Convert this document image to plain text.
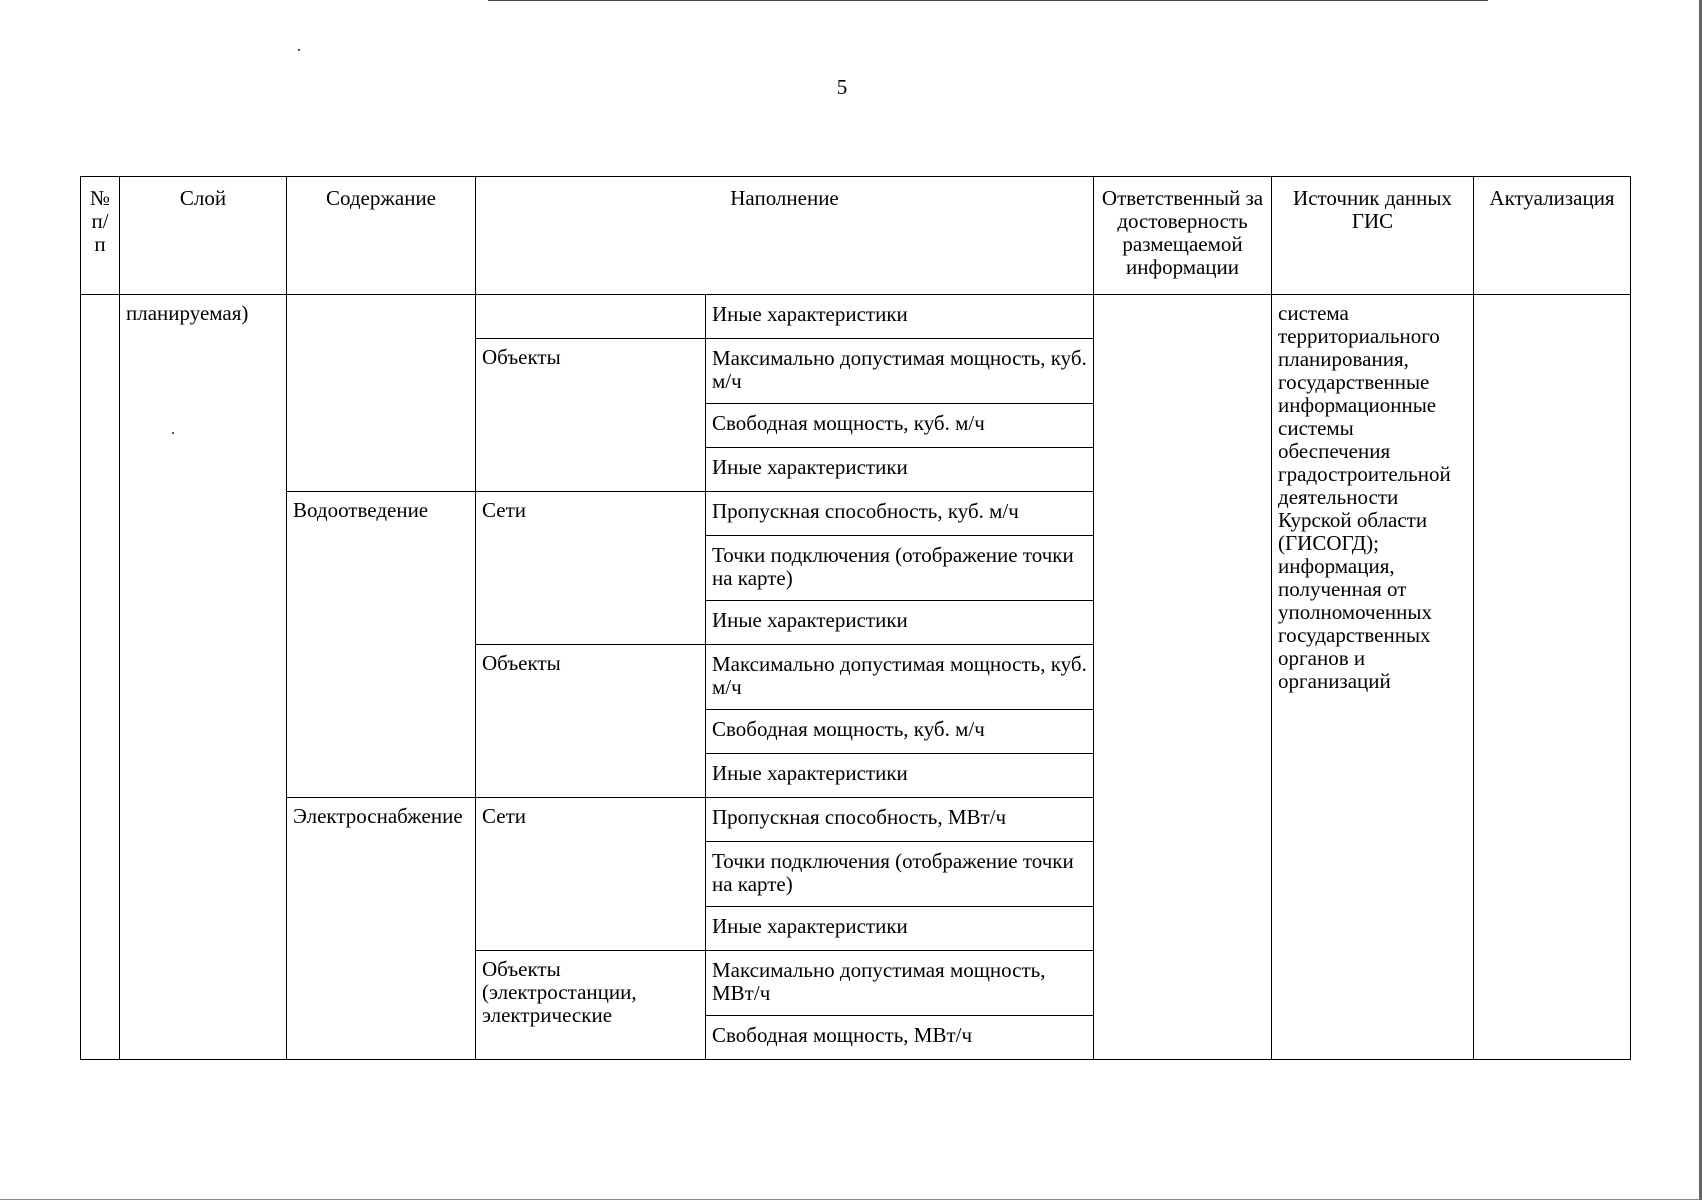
5
№ п/ п	Слой	Содержание	Наполнение		Ответственный за достоверность размещаемой информации	Источник данных ГИС	Актуализация
	планируемая)			Иные характеристики		система территориального планирования, государственные информационные системы обеспечения градостроительной деятельности Курской области (ГИСОГД); информация, полученная от уполномоченных государственных органов и организаций	
			Объекты	Максимально допустимая мощность, куб. м/ч			
				Свободная мощность, куб. м/ч			
				Иные характеристики			
		Водоотведение	Сети	Пропускная способность, куб. м/ч			
				Точки подключения (отображение точки на карте)			
				Иные характеристики			
			Объекты	Максимально допустимая мощность, куб. м/ч			
				Свободная мощность, куб. м/ч			
				Иные характеристики			
		Электроснабжение	Сети	Пропускная способность, МВт/ч			
				Точки подключения (отображение точки на карте)			
				Иные характеристики			
			Объекты (электростанции, электрические	Максимально допустимая мощность, МВт/ч			
				Свободная мощность, МВт/ч			
